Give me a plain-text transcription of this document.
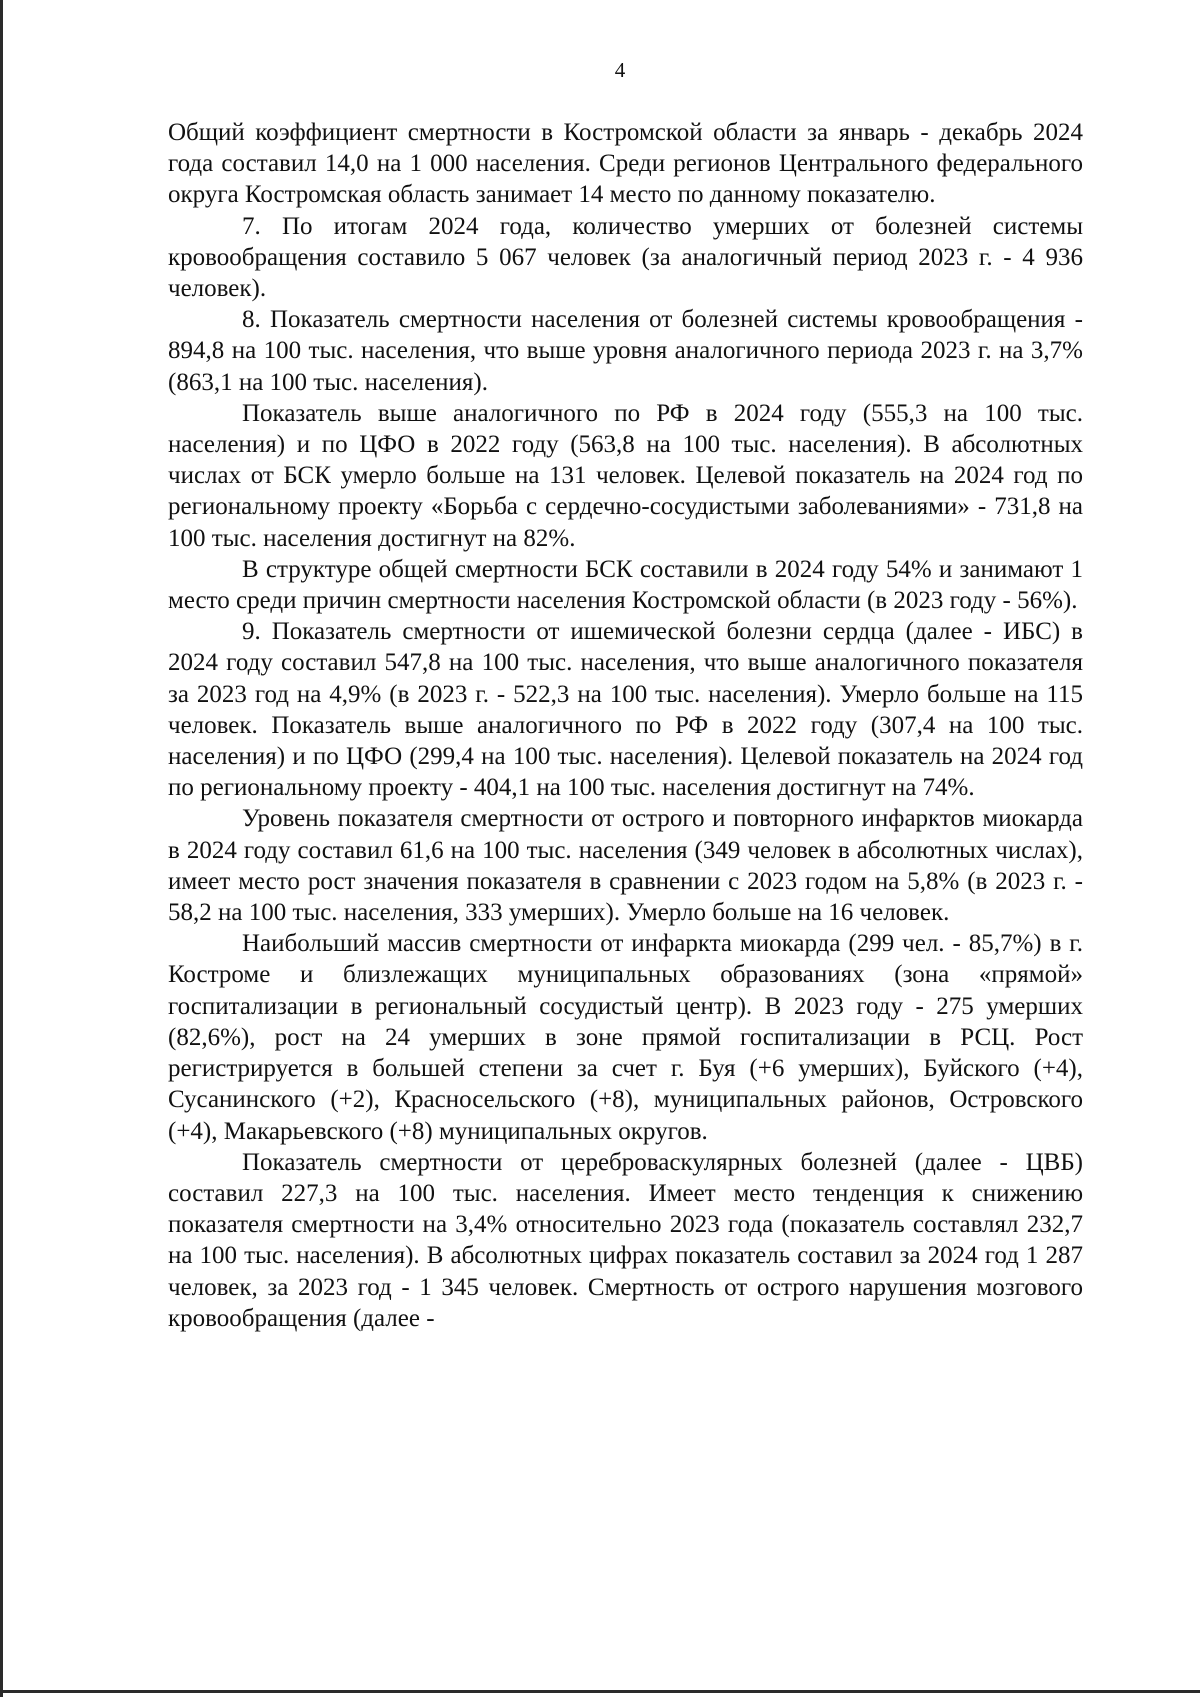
4

Общий коэффициент смертности в Костромской области за январь - декабрь 2024 года составил 14,0 на 1 000 населения. Среди регионов Центрального федерального округа Костромская область занимает 14 место по данному показателю.

7. По итогам 2024 года, количество умерших от болезней системы кровообращения составило 5 067 человек (за аналогичный период 2023 г. - 4 936 человек).

8. Показатель смертности населения от болезней системы кровообращения - 894,8 на 100 тыс. населения, что выше уровня аналогичного периода 2023 г. на 3,7% (863,1 на 100 тыс. населения).

Показатель выше аналогичного по РФ в 2024 году (555,3 на 100 тыс. населения) и по ЦФО в 2022 году (563,8 на 100 тыс. населения). В абсолютных числах от БСК умерло больше на 131 человек. Целевой показатель на 2024 год по региональному проекту «Борьба с сердечно-сосудистыми заболеваниями» - 731,8 на 100 тыс. населения достигнут на 82%.

В структуре общей смертности БСК составили в 2024 году 54% и занимают 1 место среди причин смертности населения Костромской области (в 2023 году - 56%).

9. Показатель смертности от ишемической болезни сердца (далее - ИБС) в 2024 году составил 547,8 на 100 тыс. населения, что выше аналогичного показателя за 2023 год на 4,9% (в 2023 г. - 522,3 на 100 тыс. населения). Умерло больше на 115 человек. Показатель выше аналогичного по РФ в 2022 году (307,4 на 100 тыс. населения) и по ЦФО (299,4 на 100 тыс. населения). Целевой показатель на 2024 год по региональному проекту - 404,1 на 100 тыс. населения достигнут на 74%.

Уровень показателя смертности от острого и повторного инфарктов миокарда в 2024 году составил 61,6 на 100 тыс. населения (349 человек в абсолютных числах), имеет место рост значения показателя в сравнении с 2023 годом на 5,8% (в 2023 г. - 58,2 на 100 тыс. населения, 333 умерших). Умерло больше на 16 человек.

Наибольший массив смертности от инфаркта миокарда (299 чел. - 85,7%) в г. Костроме и близлежащих муниципальных образованиях (зона «прямой» госпитализации в региональный сосудистый центр). В 2023 году - 275 умерших (82,6%), рост на 24 умерших в зоне прямой госпитализации в РСЦ. Рост регистрируется в большей степени за счет г. Буя (+6 умерших), Буйского (+4), Сусанинского (+2), Красносельского (+8), муниципальных районов, Островского (+4), Макарьевского (+8) муниципальных округов.

Показатель смертности от цереброваскулярных болезней (далее - ЦВБ) составил 227,3 на 100 тыс. населения. Имеет место тенденция к снижению показателя смертности на 3,4% относительно 2023 года (показатель составлял 232,7 на 100 тыс. населения). В абсолютных цифрах показатель составил за 2024 год 1 287 человек, за 2023 год - 1 345 человек. Смертность от острого нарушения мозгового кровообращения (далее -
